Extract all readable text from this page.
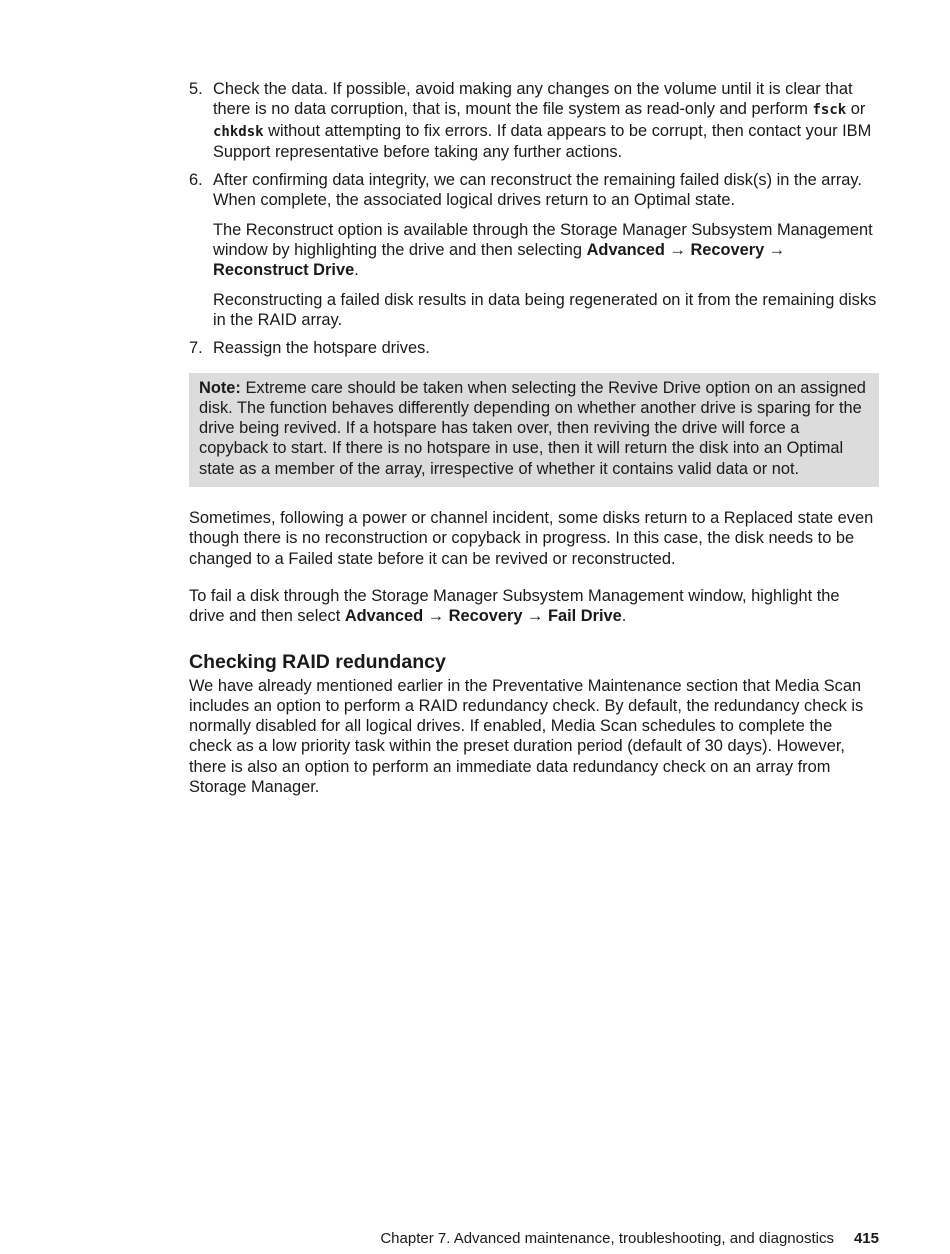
5. Check the data. If possible, avoid making any changes on the volume until it is clear that there is no data corruption, that is, mount the file system as read-only and perform fsck or chkdsk without attempting to fix errors. If data appears to be corrupt, then contact your IBM Support representative before taking any further actions.
6. After confirming data integrity, we can reconstruct the remaining failed disk(s) in the array. When complete, the associated logical drives return to an Optimal state.
The Reconstruct option is available through the Storage Manager Subsystem Management window by highlighting the drive and then selecting Advanced → Recovery → Reconstruct Drive.
Reconstructing a failed disk results in data being regenerated on it from the remaining disks in the RAID array.
7. Reassign the hotspare drives.
Note: Extreme care should be taken when selecting the Revive Drive option on an assigned disk. The function behaves differently depending on whether another drive is sparing for the drive being revived. If a hotspare has taken over, then reviving the drive will force a copyback to start. If there is no hotspare in use, then it will return the disk into an Optimal state as a member of the array, irrespective of whether it contains valid data or not.

Sometimes, following a power or channel incident, some disks return to a Replaced state even though there is no reconstruction or copyback in progress. In this case, the disk needs to be changed to a Failed state before it can be revived or reconstructed.

To fail a disk through the Storage Manager Subsystem Management window, highlight the drive and then select Advanced → Recovery → Fail Drive.

Checking RAID redundancy

We have already mentioned earlier in the Preventative Maintenance section that Media Scan includes an option to perform a RAID redundancy check. By default, the redundancy check is normally disabled for all logical drives. If enabled, Media Scan schedules to complete the check as a low priority task within the preset duration period (default of 30 days). However, there is also an option to perform an immediate data redundancy check on an array from Storage Manager.

Chapter 7. Advanced maintenance, troubleshooting, and diagnostics 415
